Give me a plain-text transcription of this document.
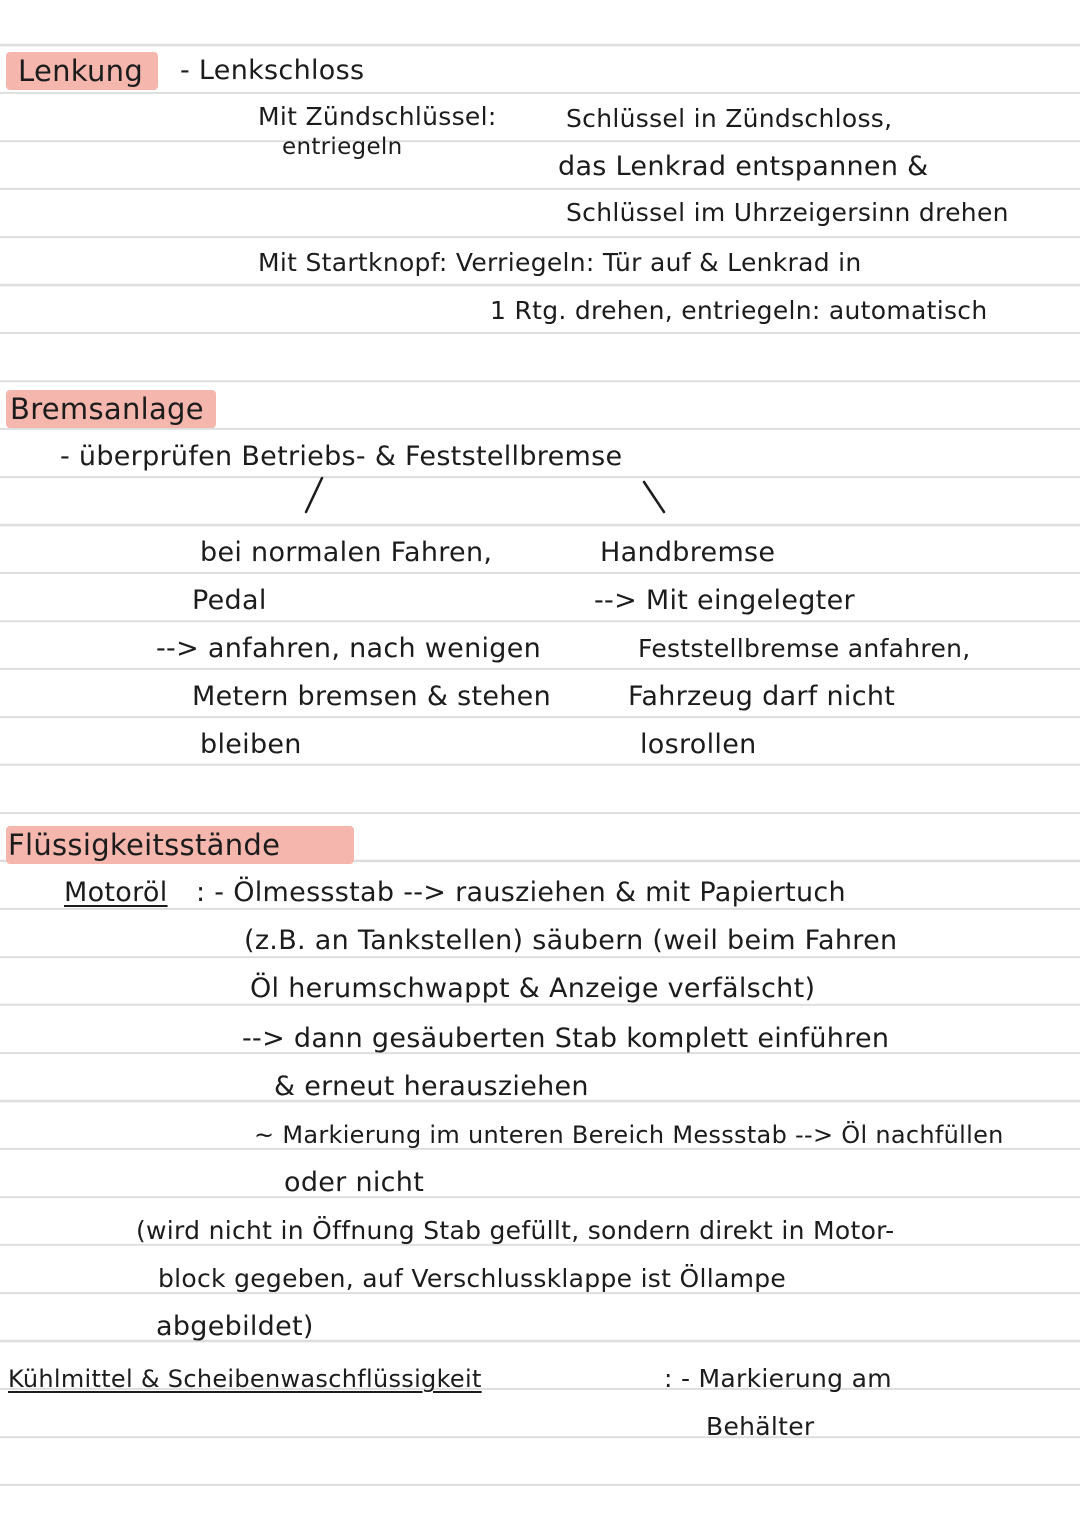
Lenkung - Lenkschloss
Mit Zündschlüssel:
entriegeln
Schlüssel in Zündschloss,
das Lenkrad entspannen &
Schlüssel im Uhrzeigersinn drehen
Mit Startknopf: Verriegeln: Tür auf & Lenkrad in
1 Rtg. drehen, entriegeln: automatisch
Bremsanlage
- überprüfen Betriebs- & Feststellbremse
bei normalen Fahren,
Pedal
--> anfahren, nach wenigen
Metern bremsen & stehen
bleiben
Handbremse
--> Mit eingelegter
Feststellbremse anfahren,
Fahrzeug darf nicht
losrollen
Flüssigkeitsstände
Motoröl : - Ölmessstab --> rausziehen & mit Papiertuch
(z.B. an Tankstellen) säubern (weil beim Fahren
Öl herumschwappt & Anzeige verfälscht)
--> dann gesäuberten Stab komplett einführen
& erneut herausziehen
~ Markierung im unteren Bereich Messstab --> Öl nachfüllen
oder nicht
(wird nicht in Öffnung Stab gefüllt, sondern direkt in Motor-
block gegeben, auf Verschlussklappe ist Öllampe
abgebildet)
Kühlmittel & Scheibenwaschflüssigkeit	: - Markierung am
Behälter
